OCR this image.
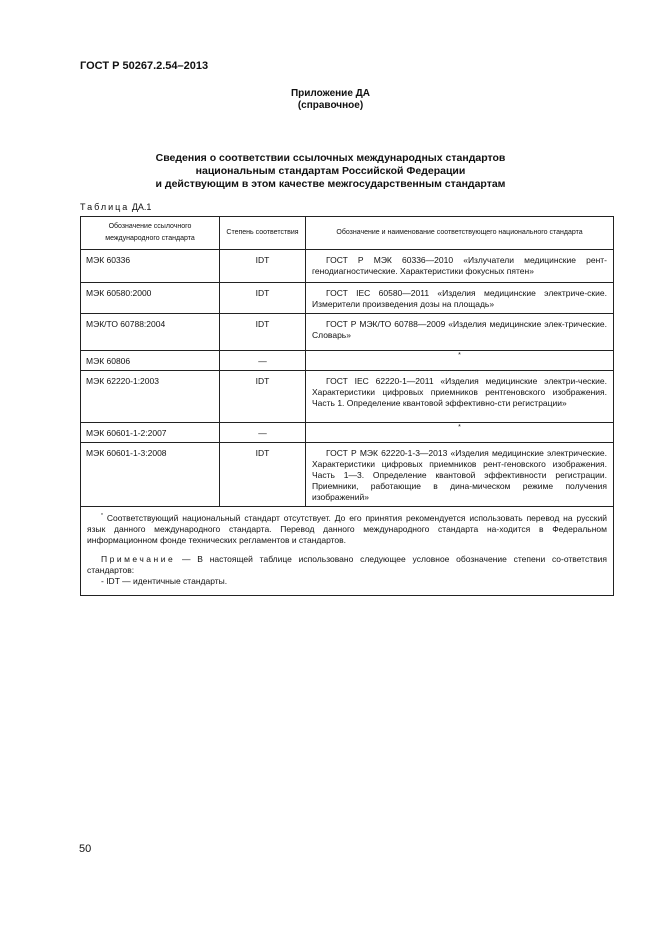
ГОСТ Р 50267.2.54–2013
Приложение ДА
(справочное)
Сведения о соответствии ссылочных международных стандартов
национальным стандартам Российской Федерации
и действующим в этом качестве межгосударственным стандартам
Таблица ДА.1
Обозначение ссылочного международного стандарта	Степень соответствия	Обозначение и наименование соответствующего национального стандарта
МЭК 60336	IDT	ГОСТ Р МЭК 60336—2010 «Излучатели медицинские рент-генодиагностические. Характеристики фокусных пятен»

МЭК 60580:2000	IDT	ГОСТ IEC 60580—2011 «Изделия медицинские электриче-ские. Измерители произведения дозы на площадь»

МЭК/ТО 60788:2004	IDT	ГОСТ Р МЭК/ТО 60788—2009 «Изделия медицинские элек-трические. Словарь»

МЭК 60806	—	*
МЭК 62220-1:2003	IDT	ГОСТ IEC 62220-1—2011 «Изделия медицинские электри-ческие. Характеристики цифровых приемников рентгеновского изображения. Часть 1. Определение квантовой эффективно-сти регистрации»

МЭК 60601-1-2:2007	—	*
МЭК 60601-1-3:2008	IDT	ГОСТ Р МЭК 62220-1-3—2013 «Изделия медицинские электрические. Характеристики цифровых приемников рент-геновского изображения. Часть 1—3. Определение квантовой эффективности регистрации. Приемники, работающие в дина-мическом режиме получения изображений»

* Соответствующий национальный стандарт отсутствует. До его принятия рекомендуется использовать перевод на русский язык данного международного стандарта. Перевод данного международного стандарта на-ходится в Федеральном информационном фонде технических регламентов и стандартов.
Примечание — В настоящей таблице использовано следующее условное обозначение степени со-ответствия стандартов:
- IDT — идентичные стандарты.		
50
